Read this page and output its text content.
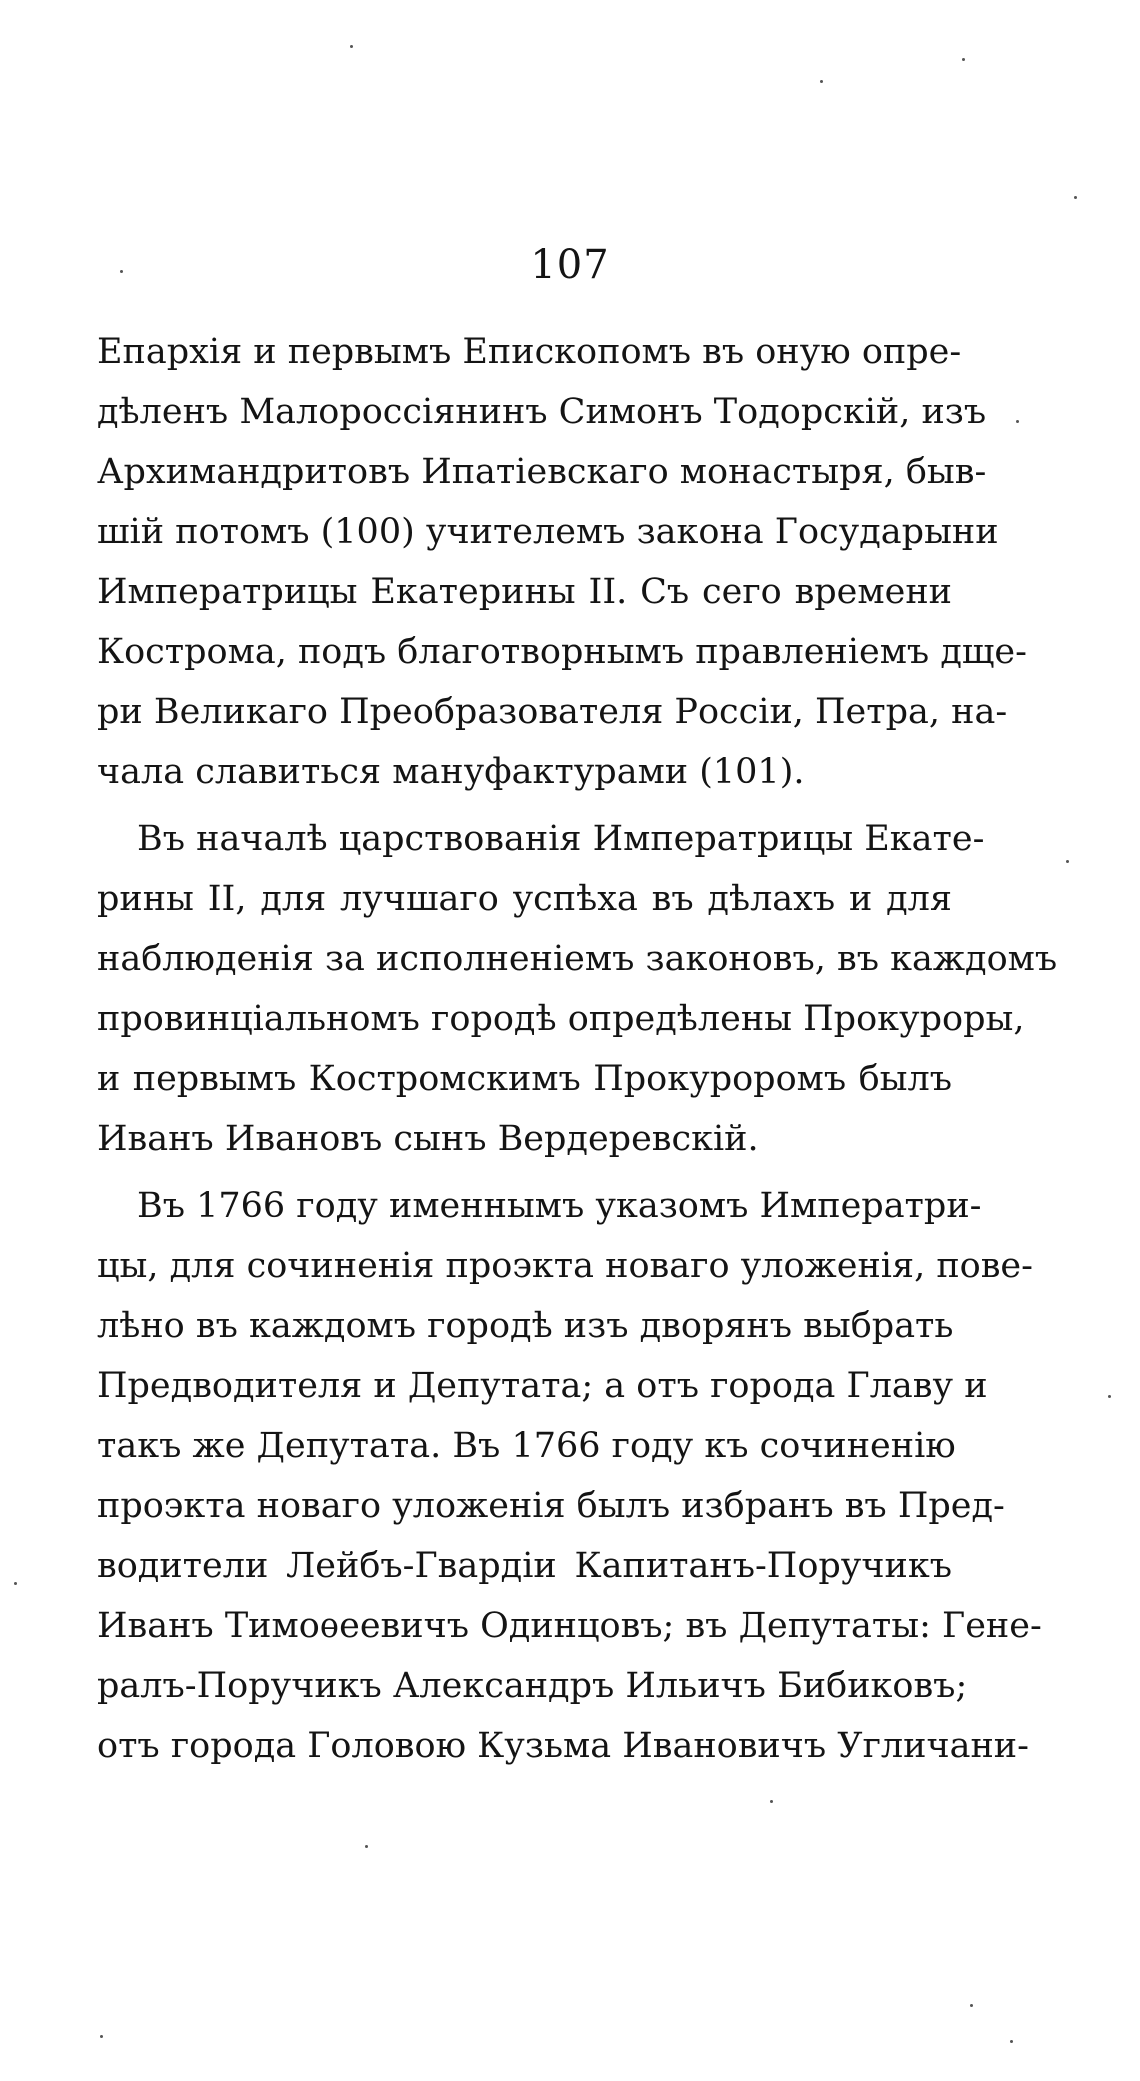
107
Епархія и первымъ Епископомъ въ оную опре-
дѣленъ Малороссіянинъ Симонъ Тодорскій, изъ
Архимандритовъ Ипатіевскаго монастыря, быв-
шій потомъ (100) учителемъ закона Государыни
Императрицы Екатерины II. Съ сего времени
Кострома, подъ благотворнымъ правленіемъ дще-
ри Великаго Преобразователя Россіи, Петра, на-
чала славиться мануфактурами (101).
Въ началѣ царствованія Императрицы Екате-
рины II, для лучшаго успѣха въ дѣлахъ и для
наблюденія за исполненіемъ законовъ, въ каждомъ
провинціальномъ городѣ опредѣлены Прокуроры,
и первымъ Костромскимъ Прокуроромъ былъ
Иванъ Ивановъ сынъ Вердеревскій.
Въ 1766 году именнымъ указомъ Императри-
цы, для сочиненія проэкта новаго уложенія, пове-
лѣно въ каждомъ городѣ изъ дворянъ выбрать
Предводителя и Депутата; а отъ города Главу и
такъ же Депутата. Въ 1766 году къ сочиненію
проэкта новаго уложенія былъ избранъ въ Пред-
водители Лейбъ-Гвардіи Капитанъ-Поручикъ
Иванъ Тимоѳеевичъ Одинцовъ; въ Депутаты: Гене-
ралъ-Поручикъ Александръ Ильичъ Бибиковъ;
отъ города Головою Кузьма Ивановичъ Угличани-
